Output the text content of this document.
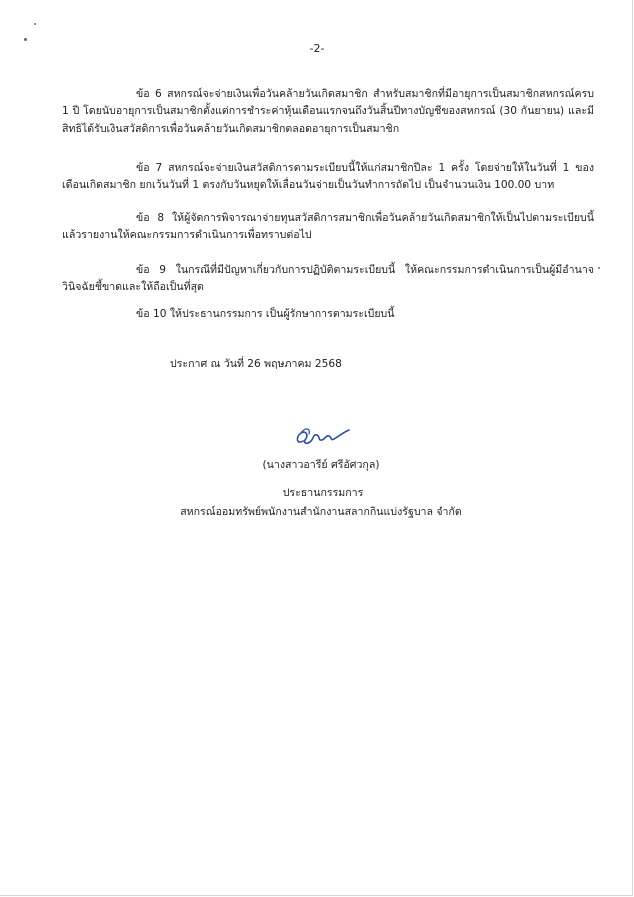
-2-

ข้อ 6 สหกรณ์จะจ่ายเงินเพื่อวันคล้ายวันเกิดสมาชิก สำหรับสมาชิกที่มีอายุการเป็นสมาชิกสหกรณ์ครบ 1 ปี โดยนับอายุการเป็นสมาชิกตั้งแต่การชำระค่าหุ้นเดือนแรกจนถึงวันสิ้นปีทางบัญชีของสหกรณ์ (30 กันยายน) และมีสิทธิได้รับเงินสวัสดิการเพื่อวันคล้ายวันเกิดสมาชิกตลอดอายุการเป็นสมาชิก

ข้อ 7 สหกรณ์จะจ่ายเงินสวัสดิการตามระเบียบนี้ให้แก่สมาชิกปีละ 1 ครั้ง โดยจ่ายให้ในวันที่ 1 ของเดือนเกิดสมาชิก ยกเว้นวันที่ 1 ตรงกับวันหยุดให้เลื่อนวันจ่ายเป็นวันทำการถัดไป เป็นจำนวนเงิน 100.00 บาท

ข้อ 8 ให้ผู้จัดการพิจารณาจ่ายทุนสวัสดิการสมาชิกเพื่อวันคล้ายวันเกิดสมาชิกให้เป็นไปตามระเบียบนี้ แล้วรายงานให้คณะกรรมการดำเนินการเพื่อทราบต่อไป

ข้อ 9 ในกรณีที่มีปัญหาเกี่ยวกับการปฏิบัติตามระเบียบนี้ ให้คณะกรรมการดำเนินการเป็นผู้มีอำนาจวินิจฉัยชี้ขาดและให้ถือเป็นที่สุด

ข้อ 10 ให้ประธานกรรมการ เป็นผู้รักษาการตามระเบียบนี้

ประกาศ ณ วันที่ 26 พฤษภาคม 2568
(นางสาวอารีย์ ศรีอัศวกุล)
ประธานกรรมการ
สหกรณ์ออมทรัพย์พนักงานสำนักงานสลากกินแบ่งรัฐบาล จำกัด
